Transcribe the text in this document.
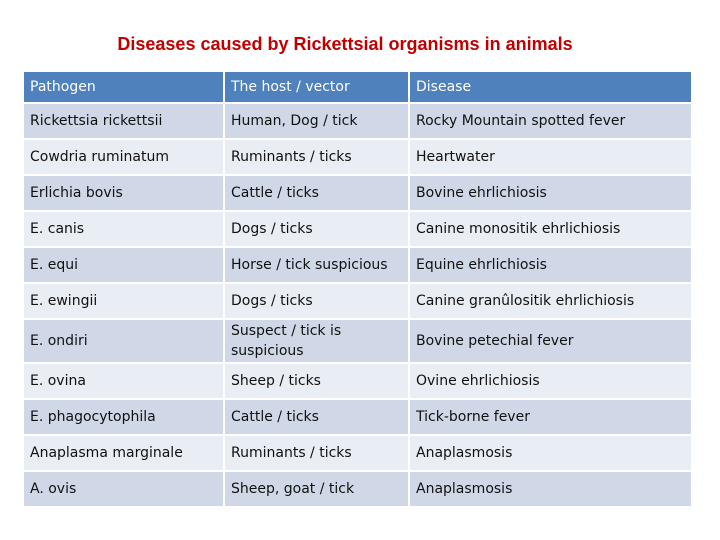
Diseases caused by Rickettsial organisms in animals
Pathogen	The host / vector	Disease
Rickettsia rickettsii	Human, Dog / tick	Rocky Mountain spotted fever
Cowdria ruminatum	Ruminants / ticks	Heartwater
Erlichia bovis	Cattle / ticks	Bovine ehrlichiosis
E. canis	Dogs / ticks	Canine monositik ehrlichiosis
E. equi	Horse / tick suspicious	Equine ehrlichiosis
E. ewingii	Dogs / ticks	Canine granûlositik ehrlichiosis
E. ondiri	Suspect / tick is suspicious	Bovine petechial fever
E. ovina	Sheep / ticks	Ovine ehrlichiosis
E. phagocytophila	Cattle / ticks	Tick-borne fever
Anaplasma marginale	Ruminants / ticks	Anaplasmosis
A. ovis	Sheep, goat / tick	Anaplasmosis
